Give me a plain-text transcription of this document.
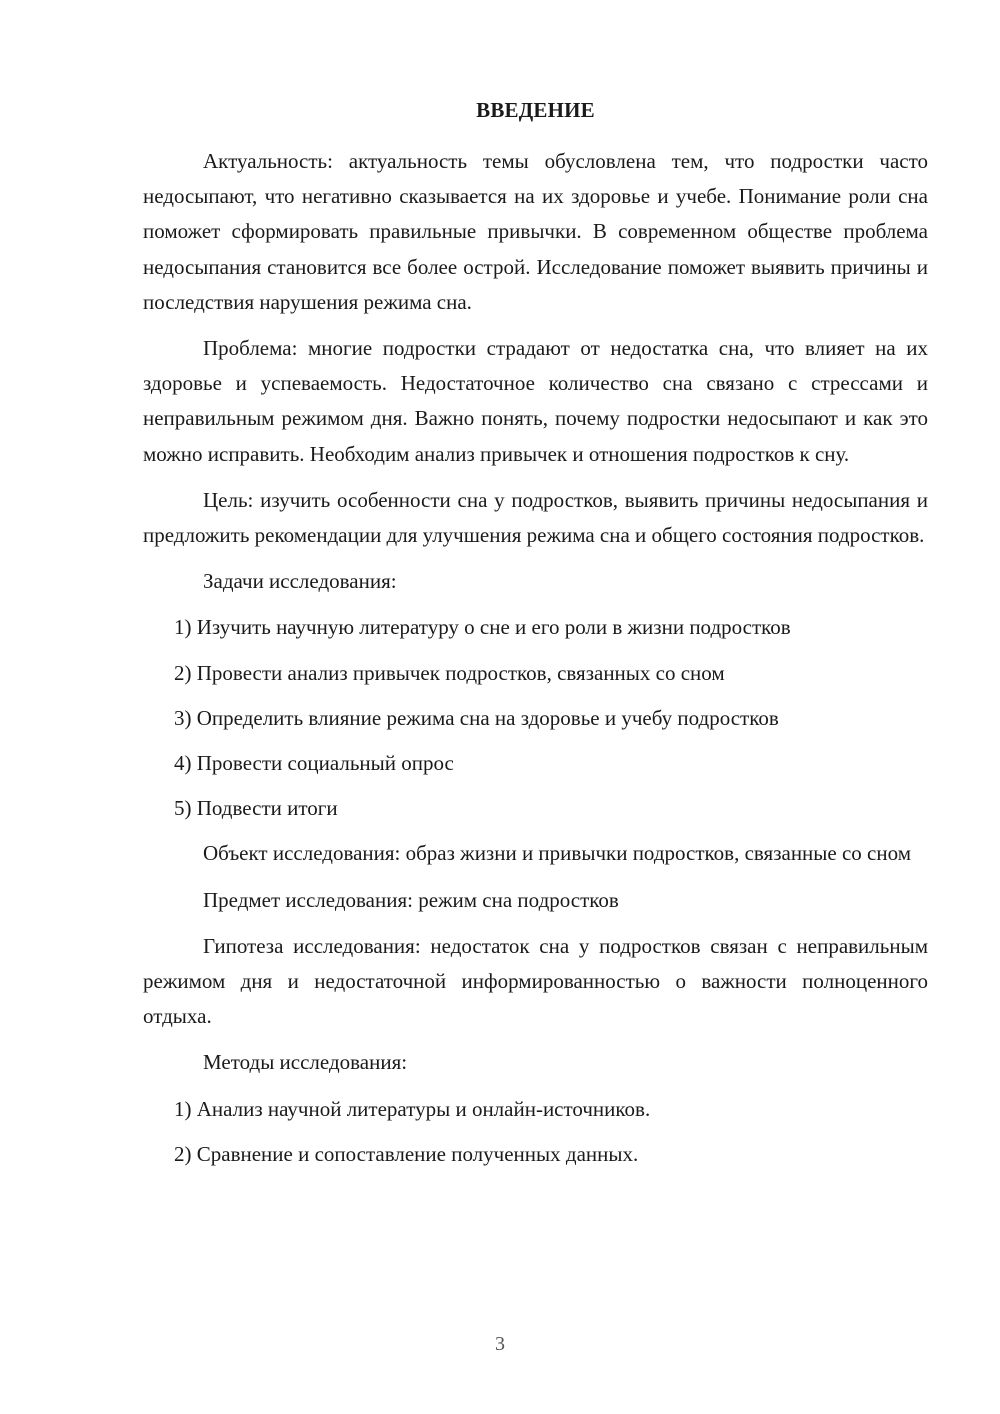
ВВЕДЕНИЕ

Актуальность: актуальность темы обусловлена тем, что подростки часто недосыпают, что негативно сказывается на их здоровье и учебе. Понимание роли сна поможет сформировать правильные привычки. В современном обществе проблема недосыпания становится все более острой. Исследование поможет выявить причины и последствия нарушения режима сна.

Проблема: многие подростки страдают от недостатка сна, что влияет на их здоровье и успеваемость. Недостаточное количество сна связано с стрессами и неправильным режимом дня. Важно понять, почему подростки недосыпают и как это можно исправить. Необходим анализ привычек и отношения подростков к сну.

Цель: изучить особенности сна у подростков, выявить причины недосыпания и предложить рекомендации для улучшения режима сна и общего состояния подростков.

Задачи исследования:

1) Изучить научную литературу о сне и его роли в жизни подростков
2) Провести анализ привычек подростков, связанных со сном
3) Определить влияние режима сна на здоровье и учебу подростков
4) Провести социальный опрос
5) Подвести итоги

Объект исследования: образ жизни и привычки подростков, связанные со сном

Предмет исследования: режим сна подростков

Гипотеза исследования: недостаток сна у подростков связан с неправильным режимом дня и недостаточной информированностью о важности полноценного отдыха.

Методы исследования:

1) Анализ научной литературы и онлайн-источников.
2) Сравнение и сопоставление полученных данных.
3
